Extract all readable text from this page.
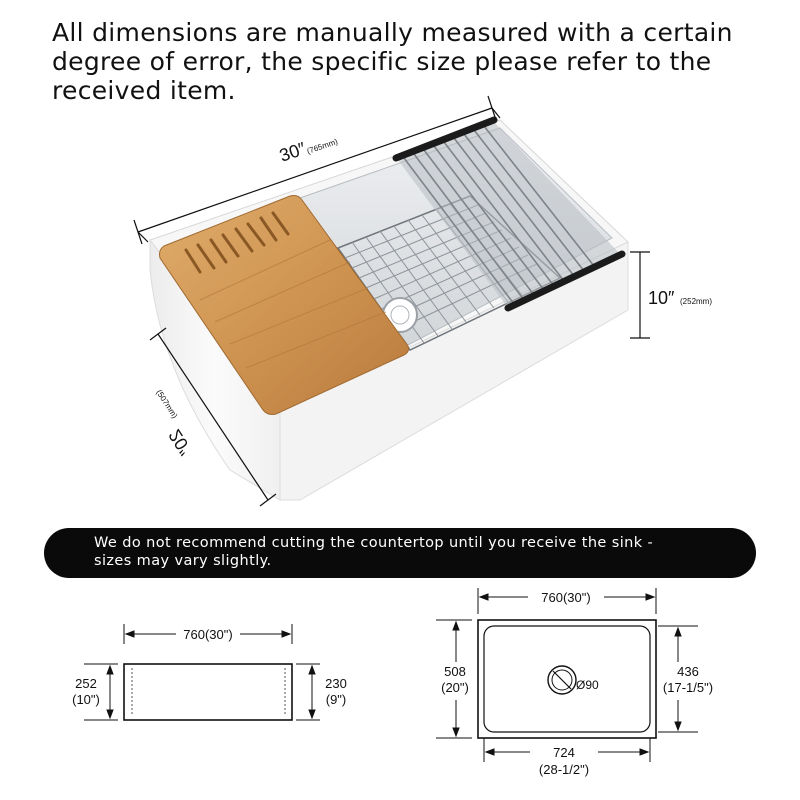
All dimensions are manually measured with a certain
degree of error, the specific size please refer to the
received item.
30″
(765mm)
10″ (252mm)
20″
(507mm)
We do not recommend cutting the countertop until you receive the sink -
sizes may vary slightly.
760(30")
252
(10")
230
(9")
Ø90
760(30")
508
(20")
436
(17-1/5")
724
(28-1/2")
